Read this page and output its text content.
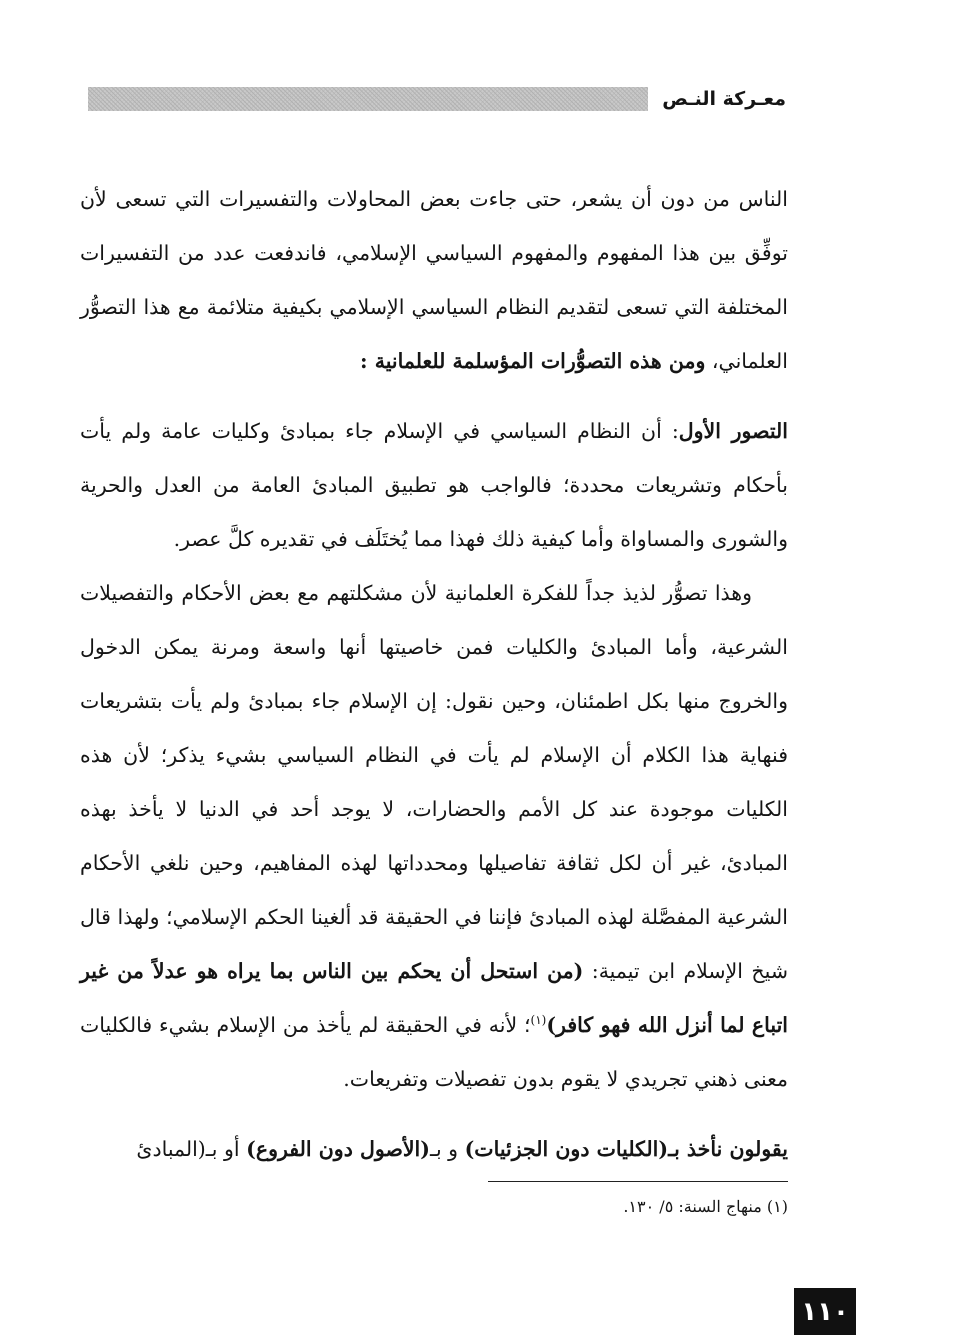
معـركة النـص

الناس من دون أن يشعر، حتى جاءت بعض المحاولات والتفسيرات التي تسعى لأن توفِّق بين هذا المفهوم والمفهوم السياسي الإسلامي، فاندفعت عدد من التفسيرات المختلفة التي تسعى لتقديم النظام السياسي الإسلامي بكيفية متلائمة مع هذا التصوُّر العلماني، ومن هذه التصوُّرات المؤسلمة للعلمانية :

التصور الأول: أن النظام السياسي في الإسلام جاء بمبادئ وكليات عامة ولم يأت بأحكام وتشريعات محددة؛ فالواجب هو تطبيق المبادئ العامة من العدل والحرية والشورى والمساواة وأما كيفية ذلك فهذا مما يُختَلَف في تقديره كلَّ عصر.

وهذا تصوُّر لذيذ جداً للفكرة العلمانية لأن مشكلتهم مع بعض الأحكام والتفصيلات الشرعية، وأما المبادئ والكليات فمن خاصيتها أنها واسعة ومرنة يمكن الدخول والخروج منها بكل اطمئنان، وحين نقول: إن الإسلام جاء بمبادئ ولم يأت بتشريعات فنهاية هذا الكلام أن الإسلام لم يأت في النظام السياسي بشيء يذكر؛ لأن هذه الكليات موجودة عند كل الأمم والحضارات، لا يوجد أحد في الدنيا لا يأخذ بهذه المبادئ، غير أن لكل ثقافة تفاصيلها ومحدداتها لهذه المفاهيم، وحين نلغي الأحكام الشرعية المفصَّلة لهذه المبادئ فإننا في الحقيقة قد ألغينا الحكم الإسلامي؛ ولهذا قال شيخ الإسلام ابن تيمية: (من استحل أن يحكم بين الناس بما يراه هو عدلاً من غير اتباع لما أنزل الله فهو كافر)$^{(١)}$؛ لأنه في الحقيقة لم يأخذ من الإسلام بشيء فالكليات معنى ذهني تجريدي لا يقوم بدون تفصيلات وتفريعات.

يقولون نأخذ بـ(الكليات دون الجزئيات) و بـ(الأصول دون الفروع) أو بـ(المبادئ

(١) منهاج السنة: ٥/ ١٣٠.
١١٠
